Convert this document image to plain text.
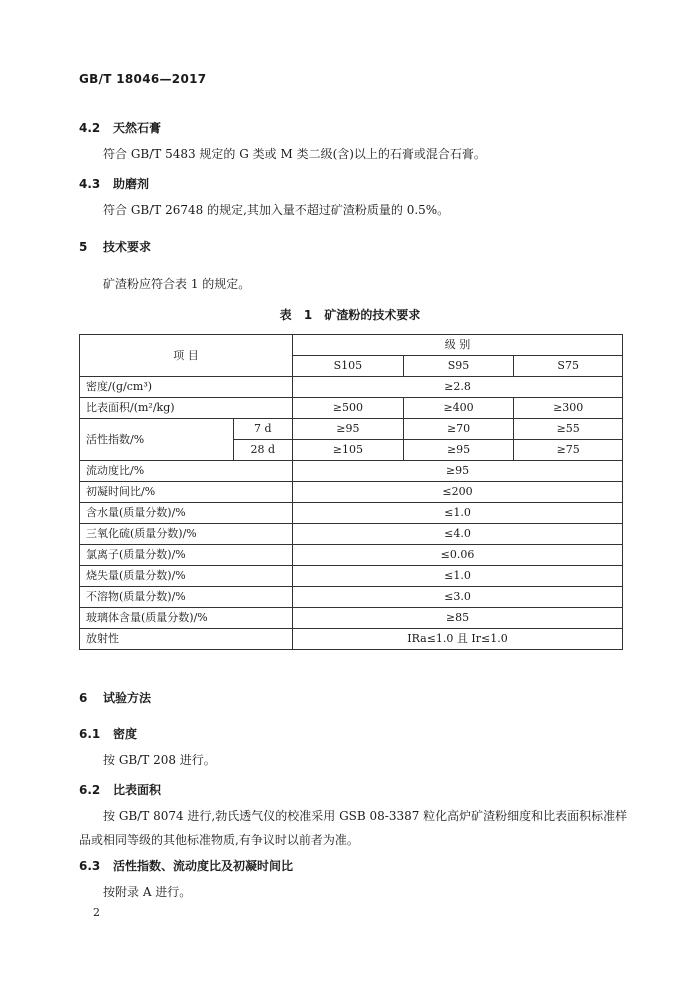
GB/T 18046—2017
4.2 天然石膏
符合 GB/T 5483 规定的 G 类或 M 类二级(含)以上的石膏或混合石膏。
4.3 助磨剂
符合 GB/T 26748 的规定,其加入量不超过矿渣粉质量的 0.5%。
5 技术要求
矿渣粉应符合表 1 的规定。
表 1 矿渣粉的技术要求
项 目		级 别		
		S105	S95	S75
密度/(g/cm³)		≥2.8		
比表面积/(m²/kg)		≥500	≥400	≥300
活性指数/%	7 d	≥95	≥70	≥55
	28 d	≥105	≥95	≥75
流动度比/%		≥95		
初凝时间比/%		≤200		
含水量(质量分数)/%		≤1.0		
三氧化硫(质量分数)/%		≤4.0		
氯离子(质量分数)/%		≤0.06		
烧失量(质量分数)/%		≤1.0		
不溶物(质量分数)/%		≤3.0		
玻璃体含量(质量分数)/%		≥85		
放射性		IRa≤1.0 且 Ir≤1.0		
6 试验方法
6.1 密度
按 GB/T 208 进行。
6.2 比表面积
按 GB/T 8074 进行,勃氏透气仪的校准采用 GSB 08-3387 粒化高炉矿渣粉细度和比表面积标准样
品或相同等级的其他标准物质,有争议时以前者为准。
6.3 活性指数、流动度比及初凝时间比
按附录 A 进行。
2
